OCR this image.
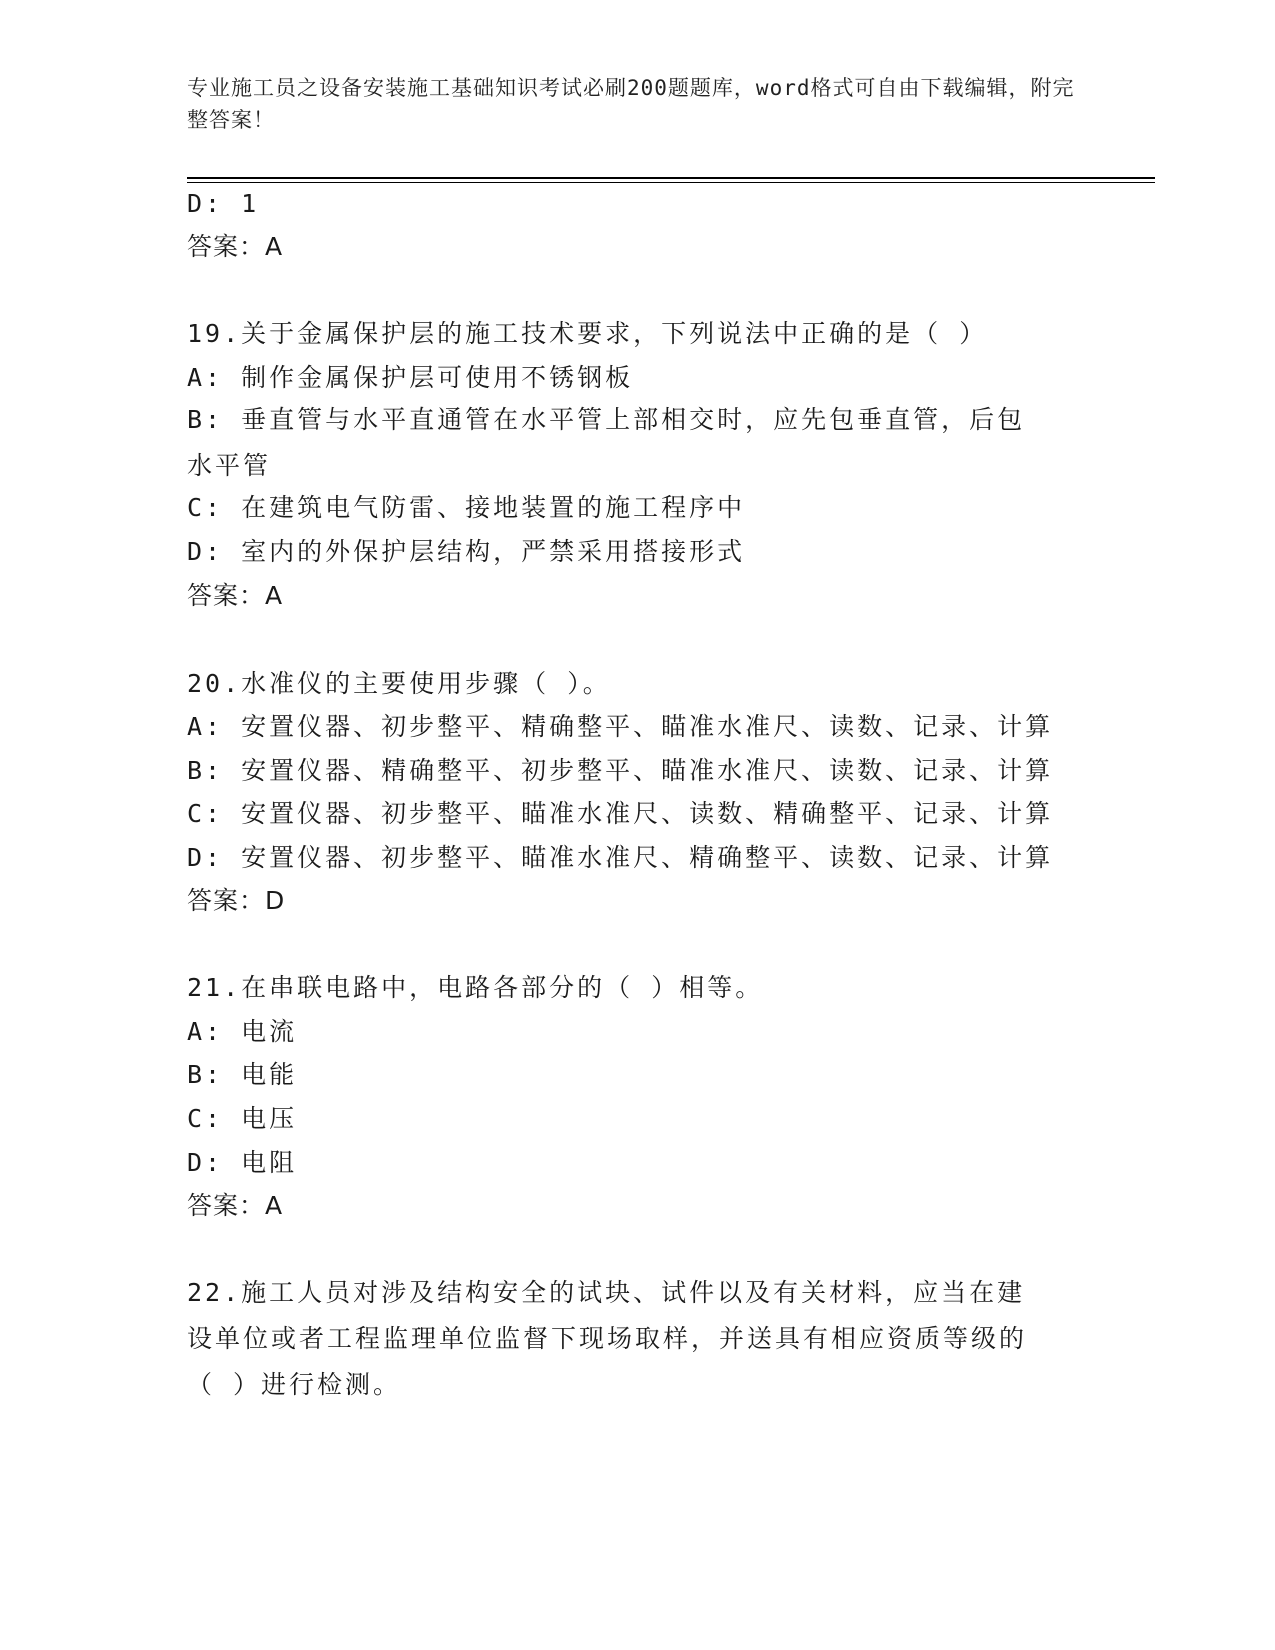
专业施工员之设备安装施工基础知识考试必刷200题题库，word格式可自由下载编辑，附完整答案！
D: 1
答案：A
19.关于金属保护层的施工技术要求，下列说法中正确的是（ ）
A: 制作金属保护层可使用不锈钢板
B: 垂直管与水平直通管在水平管上部相交时，应先包垂直管，后包水平管
C: 在建筑电气防雷、接地装置的施工程序中
D: 室内的外保护层结构，严禁采用搭接形式
答案：A
20.水准仪的主要使用步骤（ ）。
A: 安置仪器、初步整平、精确整平、瞄准水准尺、读数、记录、计算
B: 安置仪器、精确整平、初步整平、瞄准水准尺、读数、记录、计算
C: 安置仪器、初步整平、瞄准水准尺、读数、精确整平、记录、计算
D: 安置仪器、初步整平、瞄准水准尺、精确整平、读数、记录、计算
答案：D
21.在串联电路中，电路各部分的（ ）相等。
A: 电流
B: 电能
C: 电压
D: 电阻
答案：A
22.施工人员对涉及结构安全的试块、试件以及有关材料，应当在建设单位或者工程监理单位监督下现场取样，并送具有相应资质等级的（ ）进行检测。
